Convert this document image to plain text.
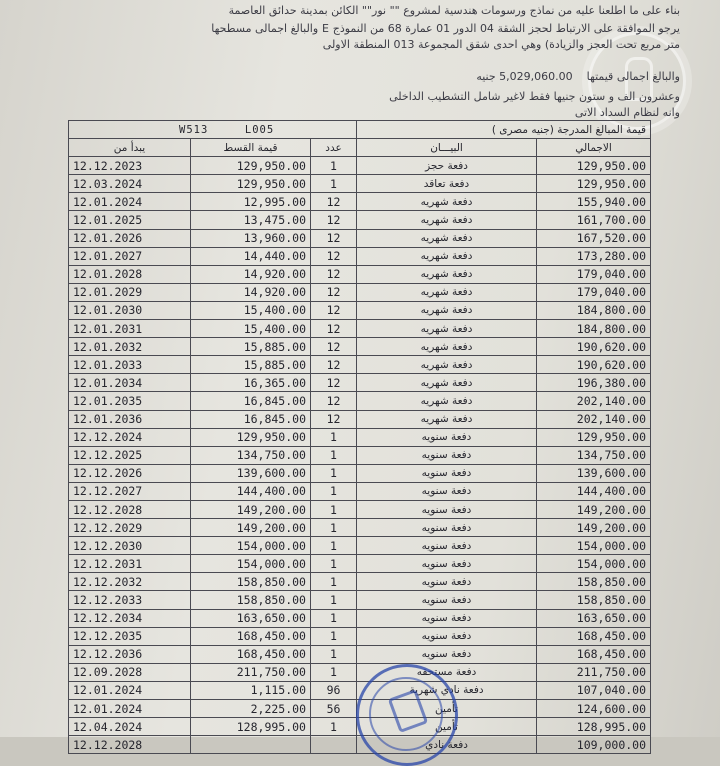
بناء على ما اطلعنا عليه من نماذج ورسومات هندسية لمشروع "" نور"" الكائن بمدينة حدائق العاصمة
يرجو الموافقة على الارتباط لحجز الشقة 04 الدور 01 عمارة 68 من النموذج E والبالغ اجمالى مسطحها
متر مربع تحت العجز والزيادة) وهي احدى شقق المجموعة 013 المنطقة الاولى
والبالغ اجمالى قيمتها    5,029,060.00 جنيه
وعشرون الف و ستون جنيها فقط لاغير شامل التشطيب الداخلى
وانه لنظام السداد الاتى
W513 L005			قيمة المبالغ المدرجة (جنيه مصرى )	
يبدأ من	قيمة القسط	عدد	البيـــان	الاجمالي
12.12.2023	129,950.00	1	دفعة حجز	129,950.00
12.03.2024	129,950.00	1	دفعة تعاقد	129,950.00
12.01.2024	12,995.00	12	دفعة شهريه	155,940.00
12.01.2025	13,475.00	12	دفعة شهريه	161,700.00
12.01.2026	13,960.00	12	دفعة شهريه	167,520.00
12.01.2027	14,440.00	12	دفعة شهريه	173,280.00
12.01.2028	14,920.00	12	دفعة شهريه	179,040.00
12.01.2029	14,920.00	12	دفعة شهريه	179,040.00
12.01.2030	15,400.00	12	دفعة شهريه	184,800.00
12.01.2031	15,400.00	12	دفعة شهريه	184,800.00
12.01.2032	15,885.00	12	دفعة شهريه	190,620.00
12.01.2033	15,885.00	12	دفعة شهريه	190,620.00
12.01.2034	16,365.00	12	دفعة شهريه	196,380.00
12.01.2035	16,845.00	12	دفعة شهريه	202,140.00
12.01.2036	16,845.00	12	دفعة شهريه	202,140.00
12.12.2024	129,950.00	1	دفعة سنويه	129,950.00
12.12.2025	134,750.00	1	دفعة سنويه	134,750.00
12.12.2026	139,600.00	1	دفعة سنويه	139,600.00
12.12.2027	144,400.00	1	دفعة سنويه	144,400.00
12.12.2028	149,200.00	1	دفعة سنويه	149,200.00
12.12.2029	149,200.00	1	دفعة سنويه	149,200.00
12.12.2030	154,000.00	1	دفعة سنويه	154,000.00
12.12.2031	154,000.00	1	دفعة سنويه	154,000.00
12.12.2032	158,850.00	1	دفعة سنويه	158,850.00
12.12.2033	158,850.00	1	دفعة سنويه	158,850.00
12.12.2034	163,650.00	1	دفعة سنويه	163,650.00
12.12.2035	168,450.00	1	دفعة سنويه	168,450.00
12.12.2036	168,450.00	1	دفعة سنويه	168,450.00
12.09.2028	211,750.00	1	دفعة مستحقه	211,750.00
12.01.2024	1,115.00	96	دفعة نادي شهرية	107,040.00
12.01.2024	2,225.00	56	تأمين	124,600.00
12.04.2024	128,995.00	1	تأمين	128,995.00
12.12.2028			دفعة نادي	109,000.00
